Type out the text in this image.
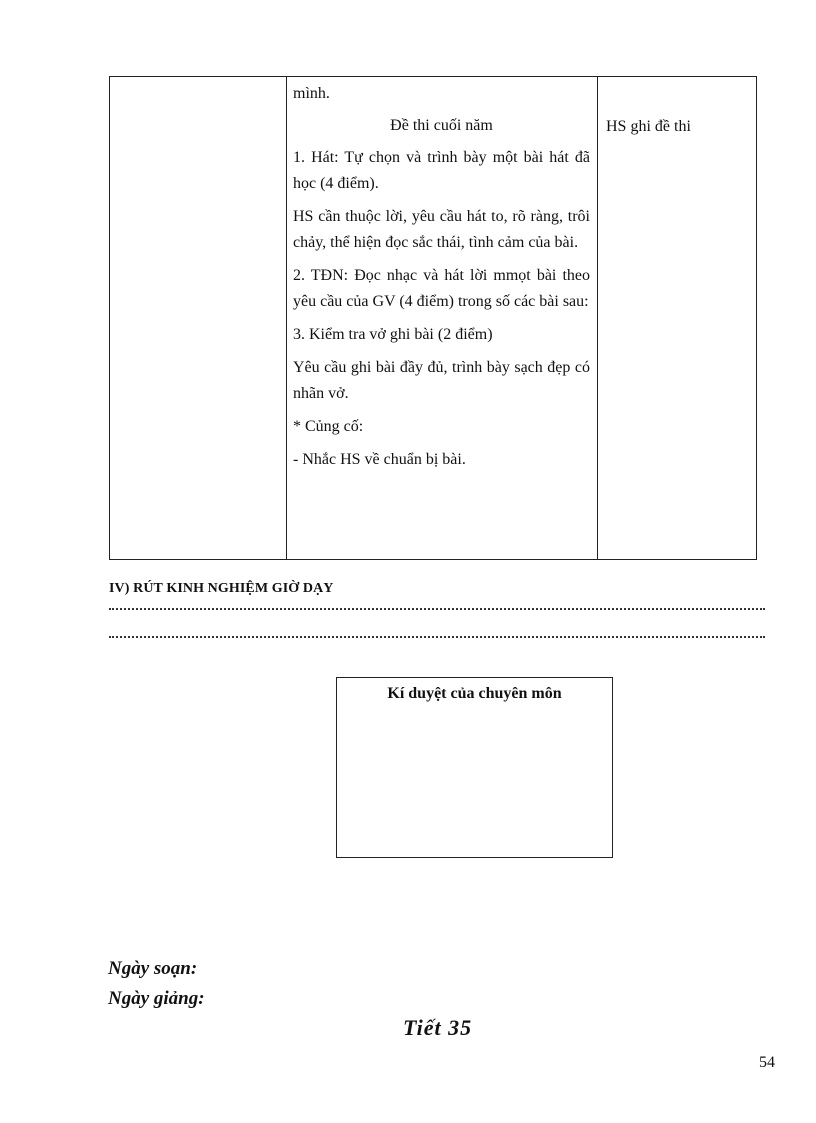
mình.

Đề thi cuối năm

1. Hát: Tự chọn và trình bày một bài hát đã học (4 điểm).

HS cần thuộc lời, yêu cầu hát to, rõ ràng, trôi chảy, thể hiện đọc sắc thái, tình cảm của bài.

2. TĐN: Đọc nhạc và hát lời mmọt bài theo yêu cầu của GV (4 điểm) trong số các bài sau:

3. Kiểm tra vở ghi bài (2 điểm)

Yêu cầu ghi bài đầy đủ, trình bày sạch đẹp có nhãn vở.

* Củng cố:

- Nhắc HS về chuẩn bị bài.

HS ghi đề thi
IV) RÚT KINH NGHIỆM GIỜ DẠY
Kí duyệt của chuyên môn
Ngày soạn:
Ngày giảng:
Tiết 35
54
